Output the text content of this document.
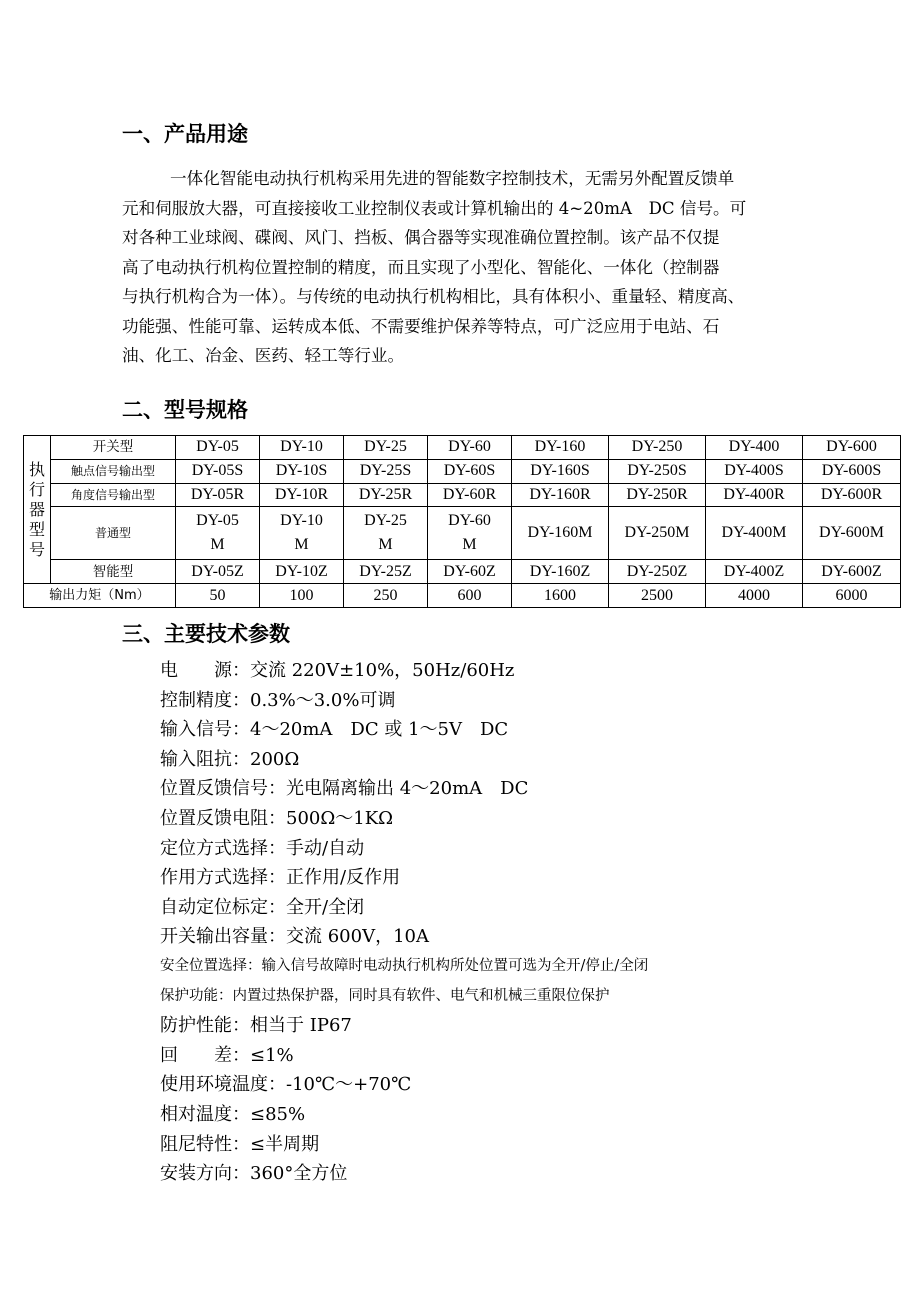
一、产品用途

一体化智能电动执行机构采用先进的智能数字控制技术，无需另外配置反馈单

元和伺服放大器，可直接接收工业控制仪表或计算机输出的 4~20mA　DC 信号。可

对各种工业球阀、碟阀、风门、挡板、偶合器等实现准确位置控制。该产品不仅提

高了电动执行机构位置控制的精度，而且实现了小型化、智能化、一体化（控制器

与执行机构合为一体）。与传统的电动执行机构相比，具有体积小、重量轻、精度高、

功能强、性能可靠、运转成本低、不需要维护保养等特点，可广泛应用于电站、石

油、化工、冶金、医药、轻工等行业。

二、型号规格
执
行
器
型
号	开关型	DY-05	DY-10	DY-25	DY-60	DY-160	DY-250	DY-400	DY-600
	触点信号输出型	DY-05S	DY-10S	DY-25S	DY-60S	DY-160S	DY-250S	DY-400S	DY-600S
	角度信号输出型	DY-05R	DY-10R	DY-25R	DY-60R	DY-160R	DY-250R	DY-400R	DY-600R
	普通型	DY-05
M	DY-10
M	DY-25
M	DY-60
M	DY-160M	DY-250M	DY-400M	DY-600M
	智能型	DY-05Z	DY-10Z	DY-25Z	DY-60Z	DY-160Z	DY-250Z	DY-400Z	DY-600Z
输出力矩（Nm）		50	100	250	600	1600	2500	4000	6000
三、主要技术参数
电　　源：交流 220V±10%，50Hz/60Hz
控制精度：0.3%～3.0%可调
输入信号：4～20mA　DC 或 1～5V　DC
输入阻抗：200Ω
位置反馈信号：光电隔离输出 4～20mA　DC
位置反馈电阻：500Ω～1KΩ
定位方式选择：手动/自动
作用方式选择：正作用/反作用
自动定位标定：全开/全闭
开关输出容量：交流 600V，10A
安全位置选择：输入信号故障时电动执行机构所处位置可选为全开/停止/全闭
保护功能：内置过热保护器，同时具有软件、电气和机械三重限位保护
防护性能：相当于 IP67
回　　差：≤1%
使用环境温度：-10℃～+70℃
相对温度：≤85%
阻尼特性：≤半周期
安装方向：360°全方位
